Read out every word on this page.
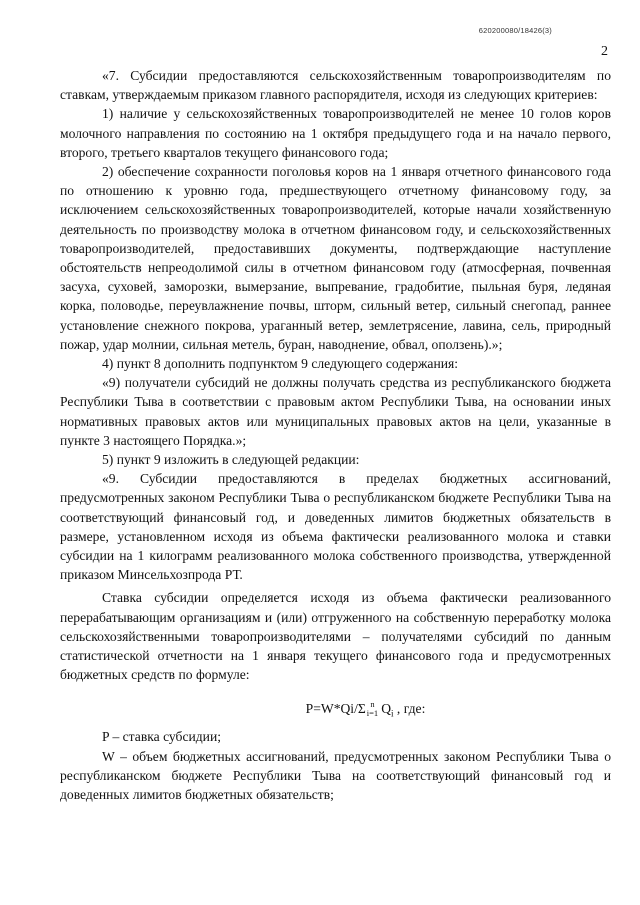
620200080/18426(3)
2

«7. Субсидии предоставляются сельскохозяйственным товаропроизводителям по ставкам, утверждаемым приказом главного распорядителя, исходя из следующих критериев:

1) наличие у сельскохозяйственных товаропроизводителей не менее 10 голов коров молочного направления по состоянию на 1 октября предыдущего года и на начало первого, второго, третьего кварталов текущего финансового года;

2) обеспечение сохранности поголовья коров на 1 января отчетного финансового года по отношению к уровню года, предшествующего отчетному финансовому году, за исключением сельскохозяйственных товаропроизводителей, которые начали хозяйственную деятельность по производству молока в отчетном финансовом году, и сельскохозяйственных товаропроизводителей, предоставивших документы, подтверждающие наступление обстоятельств непреодолимой силы в отчетном финансовом году (атмосферная, почвенная засуха, суховей, заморозки, вымерзание, выпревание, градобитие, пыльная буря, ледяная корка, половодье, переувлажнение почвы, шторм, сильный ветер, сильный снегопад, раннее установление снежного покрова, ураганный ветер, землетрясение, лавина, сель, природный пожар, удар молнии, сильная метель, буран, наводнение, обвал, оползень).»;

4) пункт 8 дополнить подпунктом 9 следующего содержания:

«9) получатели субсидий не должны получать средства из республиканского бюджета Республики Тыва в соответствии с правовым актом Республики Тыва, на основании иных нормативных правовых актов или муниципальных правовых актов на цели, указанные в пункте 3 настоящего Порядка.»;

5) пункт 9 изложить в следующей редакции:

«9. Субсидии предоставляются в пределах бюджетных ассигнований, предусмотренных законом Республики Тыва о республиканском бюджете Республики Тыва на соответствующий финансовый год, и доведенных лимитов бюджетных обязательств в размере, установленном исходя из объема фактически реализованного молока и ставки субсидии на 1 килограмм реализованного молока собственного производства, утвержденной приказом Минсельхозпрода РТ.

Ставка субсидии определяется исходя из объема фактически реализованного перерабатывающим организациям и (или) отгруженного на собственную переработку молока сельскохозяйственными товаропроизводителями – получателями субсидий по данным статистической отчетности на 1 января текущего финансового года и предусмотренных бюджетных средств по формуле:

P=W*Qi/Σ n
i=1 $Q_i$ , где:

P – ставка субсидии;

W – объем бюджетных ассигнований, предусмотренных законом Республики Тыва о республиканском бюджете Республики Тыва на соответствующий финансовый год и доведенных лимитов бюджетных обязательств;
